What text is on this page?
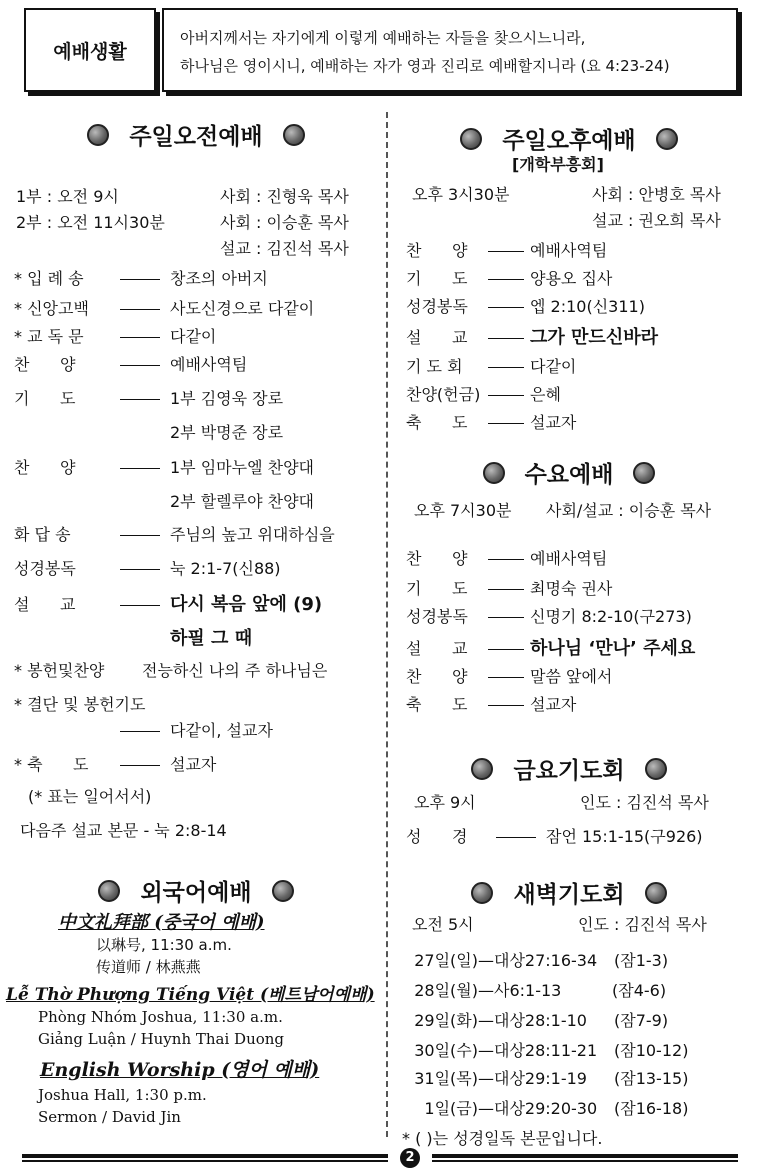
예배생활
아버지께서는 자기에게 이렇게 예배하는 자들을 찾으시느니라,
하나님은 영이시니, 예배하는 자가 영과 진리로 예배할지니라 (요 4:23-24)
주일오전예배
1부 : 오전 9시	사회 : 진형욱 목사
2부 : 오전 11시30분	사회 : 이승훈 목사
설교 : 김진석 목사
* 입 례 송	창조의 아버지
* 신앙고백	사도신경으로 다같이
* 교 독 문	다같이
찬      양	예배사역팀
기      도	1부 김영욱 장로
2부 박명준 장로
찬      양	1부 임마누엘 찬양대
2부 할렐루야 찬양대
화 답 송	주님의 높고 위대하심을
성경봉독	눅 2:1-7(신88)
설      교	다시 복음 앞에 (9)
하필 그 때
* 봉헌및찬양 전능하신 나의 주 하나님은
* 결단 및 봉헌기도
다같이, 설교자
* 축      도	설교자
(* 표는 일어서서)
다음주 설교 본문 - 눅 2:8-14
외국어예배
中文礼拜部 (중국어 예배)
以琳号, 11:30 a.m.
传道师 / 林燕燕
Lễ Thờ Phượng Tiếng Việt (베트남어예배)
Phòng Nhóm Joshua, 11:30 a.m.
Giảng Luận / Huynh Thai Duong
English Worship (영어 예배)
Joshua Hall, 1:30 p.m.
Sermon / David Jin
주일오후예배
[개학부흥회]
오후 3시30분	사회 : 안병호 목사
설교 : 권오희 목사
찬      양	예배사역팀
기      도	양용오 집사
성경봉독	엡 2:10(신311)
설      교	그가 만드신바라
기 도 회	다같이
찬양(헌금)	은혜
축      도	설교자
수요예배
오후 7시30분 사회/설교 : 이승훈 목사
찬      양	예배사역팀
기      도	최명숙 권사
성경봉독	신명기 8:2-10(구273)
설      교	하나님 ‘만나’ 주세요
찬      양	말씀 앞에서
축      도	설교자
금요기도회
오후 9시	인도 : 김진석 목사
성      경	잠언 15:1-15(구926)
새벽기도회
오전 5시	인도 : 김진석 목사
27일(일)—대상27:16-34 (잠1-3)
28일(월)—사6:1-13	(잠4-6)
29일(화)—대상28:1-10 (잠7-9)
30일(수)—대상28:11-21 (잠10-12)
31일(목)—대상29:1-19 (잠13-15)
1일(금)—대상29:20-30 (잠16-18)
* ( )는 성경일독 본문입니다.
2
